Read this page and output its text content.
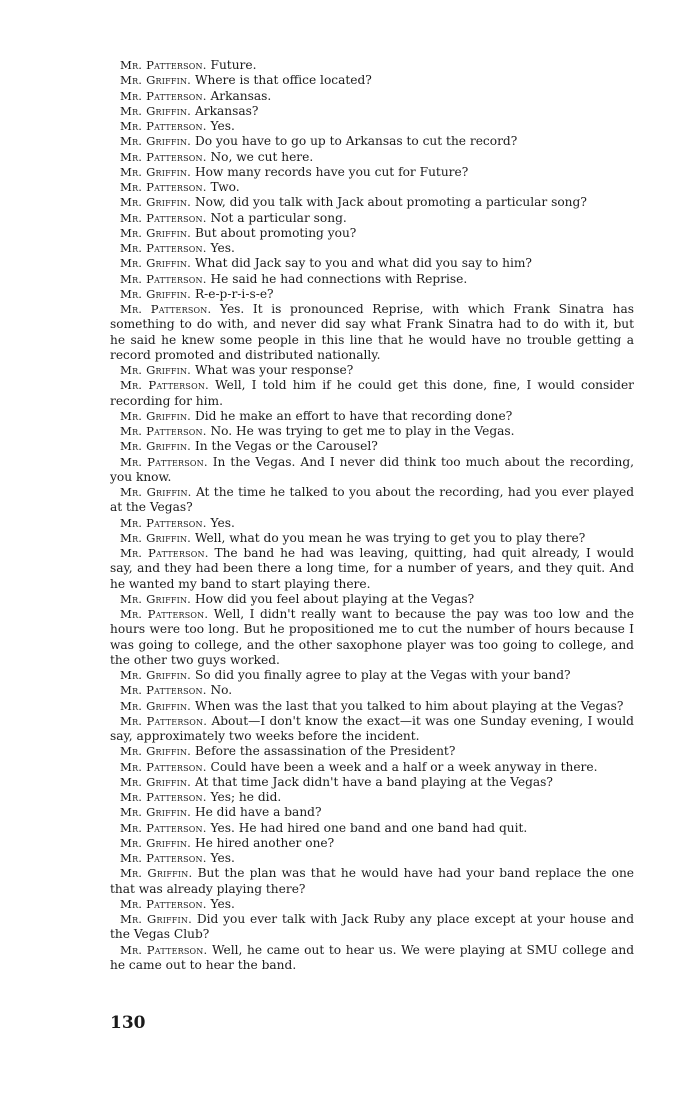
Mr. Patterson. Future.

Mr. Griffin. Where is that office located?

Mr. Patterson. Arkansas.

Mr. Griffin. Arkansas?

Mr. Patterson. Yes.

Mr. Griffin. Do you have to go up to Arkansas to cut the record?

Mr. Patterson. No, we cut here.

Mr. Griffin. How many records have you cut for Future?

Mr. Patterson. Two.

Mr. Griffin. Now, did you talk with Jack about promoting a particular song?

Mr. Patterson. Not a particular song.

Mr. Griffin. But about promoting you?

Mr. Patterson. Yes.

Mr. Griffin. What did Jack say to you and what did you say to him?

Mr. Patterson. He said he had connections with Reprise.

Mr. Griffin. R-e-p-r-i-s-e?

Mr. Patterson. Yes. It is pronounced Reprise, with which Frank Sinatra has something to do with, and never did say what Frank Sinatra had to do with it, but he said he knew some people in this line that he would have no trouble getting a record promoted and distributed nationally.

Mr. Griffin. What was your response?

Mr. Patterson. Well, I told him if he could get this done, fine, I would consider recording for him.

Mr. Griffin. Did he make an effort to have that recording done?

Mr. Patterson. No. He was trying to get me to play in the Vegas.

Mr. Griffin. In the Vegas or the Carousel?

Mr. Patterson. In the Vegas. And I never did think too much about the recording, you know.

Mr. Griffin. At the time he talked to you about the recording, had you ever played at the Vegas?

Mr. Patterson. Yes.

Mr. Griffin. Well, what do you mean he was trying to get you to play there?

Mr. Patterson. The band he had was leaving, quitting, had quit already, I would say, and they had been there a long time, for a number of years, and they quit. And he wanted my band to start playing there.

Mr. Griffin. How did you feel about playing at the Vegas?

Mr. Patterson. Well, I didn't really want to because the pay was too low and the hours were too long. But he propositioned me to cut the number of hours because I was going to college, and the other saxophone player was too going to college, and the other two guys worked.

Mr. Griffin. So did you finally agree to play at the Vegas with your band?

Mr. Patterson. No.

Mr. Griffin. When was the last that you talked to him about playing at the Vegas?

Mr. Patterson. About—I don't know the exact—it was one Sunday evening, I would say, approximately two weeks before the incident.

Mr. Griffin. Before the assassination of the President?

Mr. Patterson. Could have been a week and a half or a week anyway in there.

Mr. Griffin. At that time Jack didn't have a band playing at the Vegas?

Mr. Patterson. Yes; he did.

Mr. Griffin. He did have a band?

Mr. Patterson. Yes. He had hired one band and one band had quit.

Mr. Griffin. He hired another one?

Mr. Patterson. Yes.

Mr. Griffin. But the plan was that he would have had your band replace the one that was already playing there?

Mr. Patterson. Yes.

Mr. Griffin. Did you ever talk with Jack Ruby any place except at your house and the Vegas Club?

Mr. Patterson. Well, he came out to hear us. We were playing at SMU college and he came out to hear the band.

130
